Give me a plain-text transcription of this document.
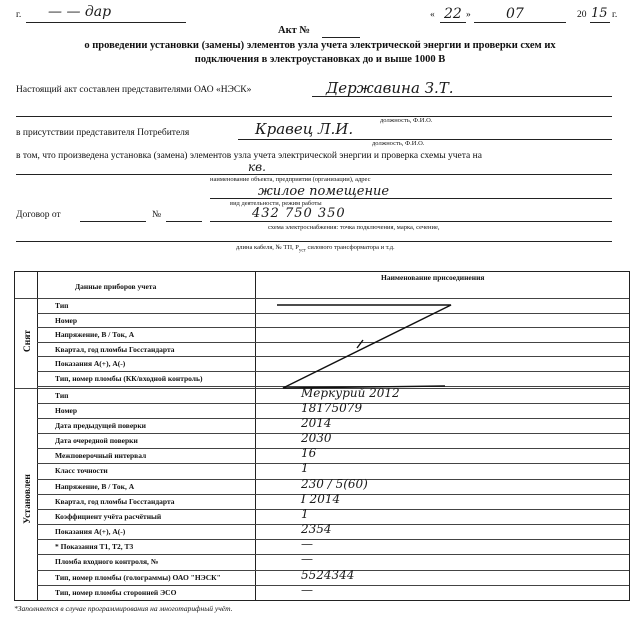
г. — — дар	« 22 »	07	20 15 г.
Акт №
о проведении установки (замены) элементов узла учета электрической энергии и проверки схем их
подключения в электроустановках до и выше 1000 В
Настоящий акт составлен представителями ОАО «НЭСК»	Державина З.Т.
должность, Ф.И.О.
в присутствии представителя Потребителя	Кравец Л.И.
должность, Ф.И.О.
в том, что произведена установка (замена) элементов узла учета электрической энергии и проверка схемы учета на
кв.
наименование объекта, предприятия (организации), адрес
жилое помещение
вид деятельности, режим работы
Договор от	№	432 750 350
схема электроснабжения: точка подключения, марка, сечение,
длина кабеля, № ТП, $Р_{уст}$ силового трансформатора и т.д.
Данные приборов учета
Наименование присоединения
Снят
Установлен
Тип
Номер
Напряжение, В / Ток, А
Квартал, год пломбы Госстандарта
Показания А(+), А(-)
Тип, номер пломбы (КК/входной контроль)
Тип	Меркурий 2012
Номер	18175079
Дата предыдущей поверки	2014
Дата очередной поверки	2030
Межповерочный интервал	16
Класс точности	1
Напряжение, В / Ток, А	230 / 5(60)
Квартал, год пломбы Госстандарта	I 2014
Коэффициент учёта расчётный	1
Показания А(+), А(-)	2354
* Показания Т1, Т2, Т3	—
Пломба входного контроля, №	—
Тип, номер пломбы (голограммы) ОАО "НЭСК"	5524344
Тип, номер пломбы сторонней ЭСО	—
*Заполняется в случае программирования на многотарифный учёт.
